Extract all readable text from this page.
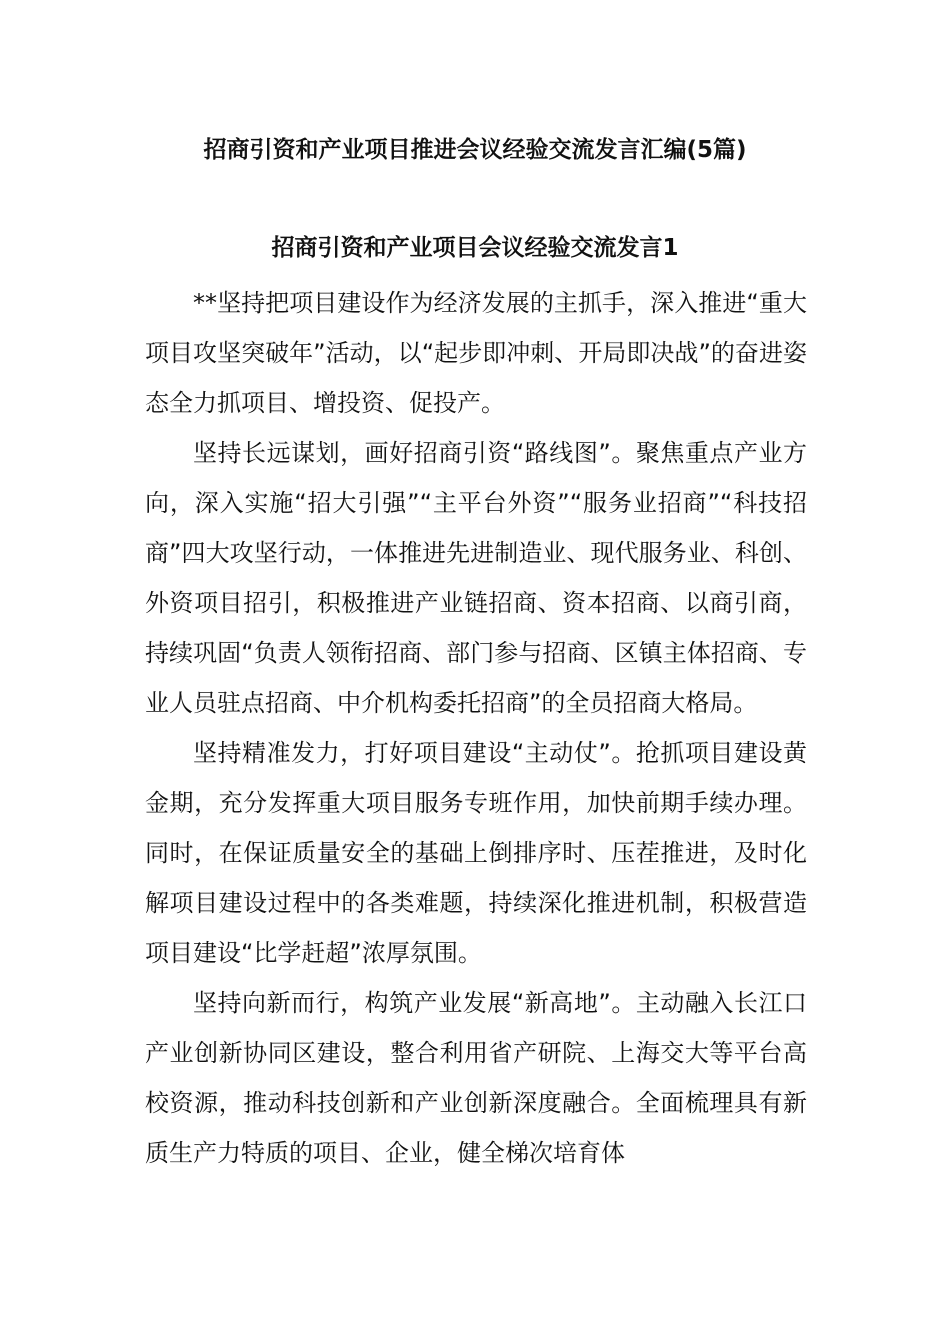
招商引资和产业项目推进会议经验交流发言汇编(5篇)
招商引资和产业项目会议经验交流发言1

**坚持把项目建设作为经济发展的主抓手，深入推进“重大项目攻坚突破年”活动，以“起步即冲刺、开局即决战”的奋进姿态全力抓项目、增投资、促投产。

坚持长远谋划，画好招商引资“路线图”。聚焦重点产业方向，深入实施“招大引强”“主平台外资”“服务业招商”“科技招商”四大攻坚行动，一体推进先进制造业、现代服务业、科创、外资项目招引，积极推进产业链招商、资本招商、以商引商，持续巩固“负责人领衔招商、部门参与招商、区镇主体招商、专业人员驻点招商、中介机构委托招商”的全员招商大格局。

坚持精准发力，打好项目建设“主动仗”。抢抓项目建设黄金期，充分发挥重大项目服务专班作用，加快前期手续办理。同时，在保证质量安全的基础上倒排序时、压茬推进，及时化解项目建设过程中的各类难题，持续深化推进机制，积极营造项目建设“比学赶超”浓厚氛围。

坚持向新而行，构筑产业发展“新高地”。主动融入长江口产业创新协同区建设，整合利用省产研院、上海交大等平台高校资源，推动科技创新和产业创新深度融合。全面梳理具有新质生产力特质的项目、企业，健全梯次培育体
